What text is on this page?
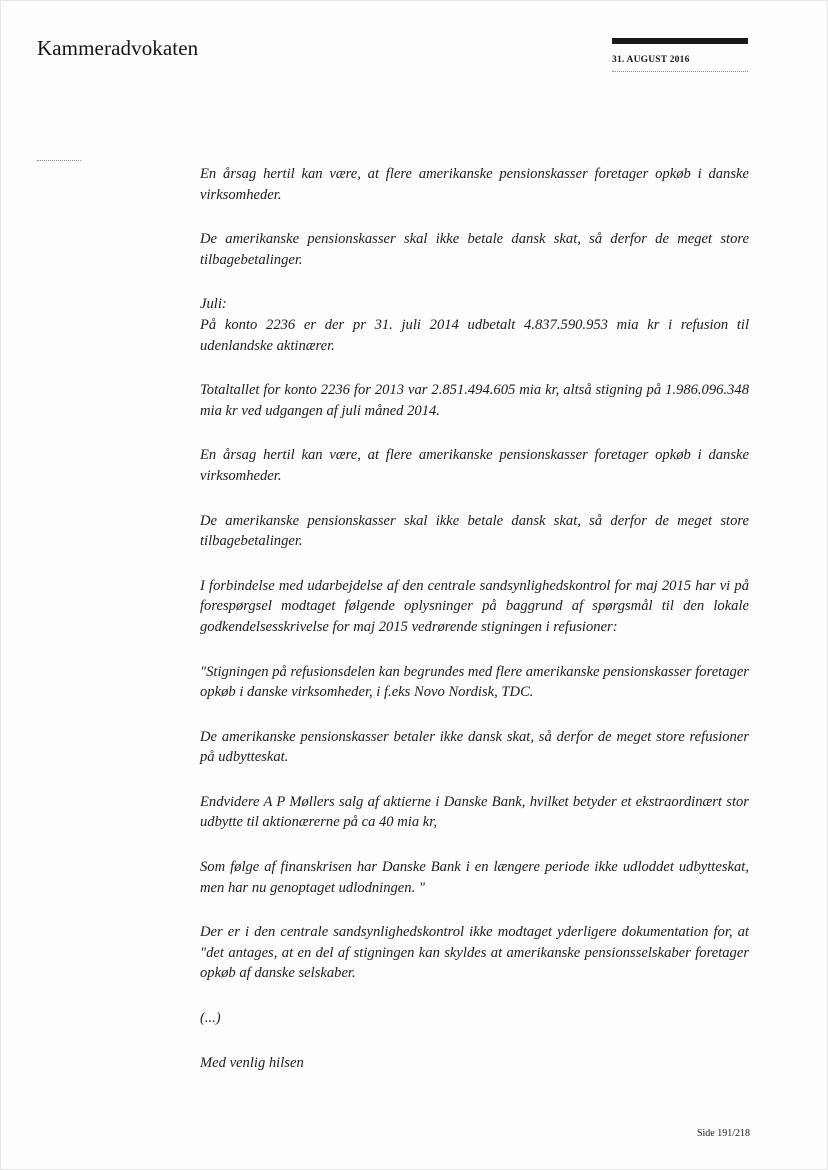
Kammeradvokaten	31. AUGUST 2016

En årsag hertil kan være, at flere amerikanske pensionskasser foretager opkøb i danske virksomheder.

De amerikanske pensionskasser skal ikke betale dansk skat, så derfor de meget store tilbagebetalinger.

Juli:

På konto 2236 er der pr 31. juli 2014 udbetalt 4.837.590.953 mia kr i refusion til udenlandske aktinærer.

Totaltallet for konto 2236 for 2013 var 2.851.494.605 mia kr, altså stigning på 1.986.096.348 mia kr ved udgangen af juli måned 2014.

En årsag hertil kan være, at flere amerikanske pensionskasser foretager opkøb i danske virksomheder.

De amerikanske pensionskasser skal ikke betale dansk skat, så derfor de meget store tilbagebetalinger.

I forbindelse med udarbejdelse af den centrale sandsynlighedskontrol for maj 2015 har vi på forespørgsel modtaget følgende oplysninger på baggrund af spørgsmål til den lokale godkendelsesskrivelse for maj 2015 vedrørende stigningen i refusioner:

"Stigningen på refusionsdelen kan begrundes med flere amerikanske pensionskasser foretager opkøb i danske virksomheder, i f.eks Novo Nordisk, TDC.

De amerikanske pensionskasser betaler ikke dansk skat, så derfor de meget store refusioner på udbytteskat.

Endvidere A P Møllers salg af aktierne i Danske Bank, hvilket betyder et ekstraordinært stor udbytte til aktionærerne på ca 40 mia kr,

Som følge af finanskrisen har Danske Bank i en længere periode ikke udloddet udbytteskat, men har nu genoptaget udlodningen. "

Der er i den centrale sandsynlighedskontrol ikke modtaget yderligere dokumentation for, at "det antages, at en del af stigningen kan skyldes at amerikanske pensionsselskaber foretager opkøb af danske selskaber.

(...)

Med venlig hilsen

Side 191/218
